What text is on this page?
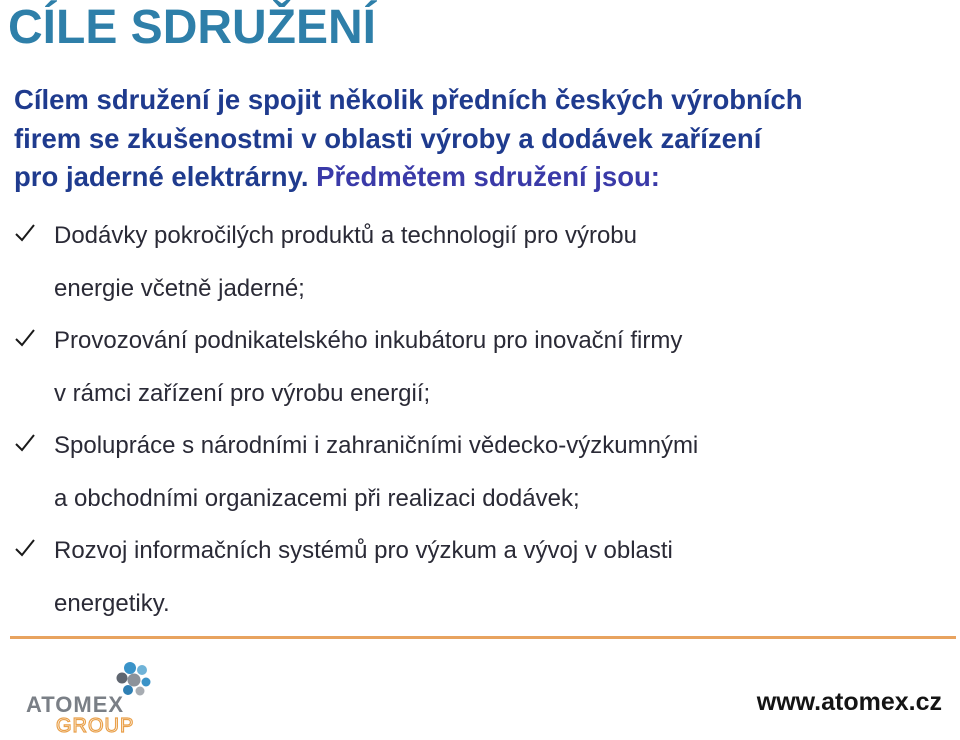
CÍLE SDRUŽENÍ

Cílem sdružení je spojit několik předních českých výrobních
firem se zkušenostmi v oblasti výroby a dodávek zařízení
pro jaderné elektrárny. Předmětem sdružení jsou:

Dodávky pokročilých produktů a technologií pro výrobu
energie včetně jaderné;
Provozování podnikatelského inkubátoru pro inovační firmy
v rámci zařízení pro výrobu energií;
Spolupráce s národními i zahraničními vědecko-výzkumnými
a obchodními organizacemi při realizaci dodávek;
Rozvoj informačních systémů pro výzkum a vývoj v oblasti
energetiky.
ATOMEX
GROUP
www.atomex.cz
